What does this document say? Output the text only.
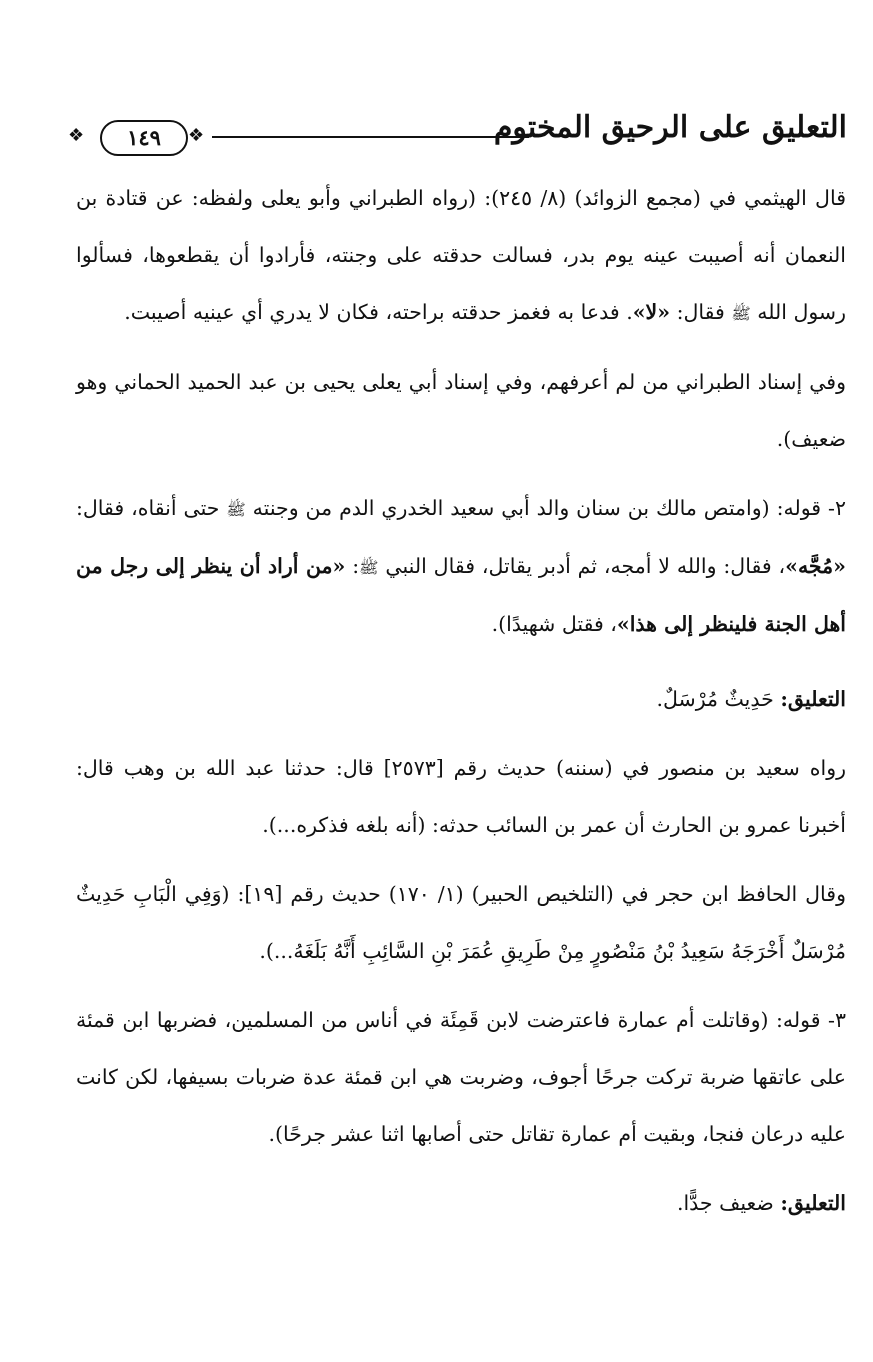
التعليق على الرحيق المختوم
❖
١٤٩
❖

قال الهيثمي في (مجمع الزوائد) (٨/ ٢٤٥): (رواه الطبراني وأبو يعلى ولفظه: عن قتادة بن النعمان أنه أصيبت عينه يوم بدر، فسالت حدقته على وجنته، فأرادوا أن يقطعوها، فسألوا رسول الله ﷺ فقال: «لا». فدعا به فغمز حدقته براحته، فكان لا يدري أي عينيه أصيبت.

وفي إسناد الطبراني من لم أعرفهم، وفي إسناد أبي يعلى يحيى بن عبد الحميد الحماني وهو ضعيف).

٢- قوله: (وامتص مالك بن سنان والد أبي سعيد الخدري الدم من وجنته ﷺ حتى أنقاه، فقال: «مُجَّه»، فقال: والله لا أمجه، ثم أدبر يقاتل، فقال النبي ﷺ: «من أراد أن ينظر إلى رجل من أهل الجنة فلينظر إلى هذا»، فقتل شهيدًا).

التعليق: حَدِيثٌ مُرْسَلٌ.

رواه سعيد بن منصور في (سننه) حديث رقم [٢٥٧٣] قال: حدثنا عبد الله بن وهب قال: أخبرنا عمرو بن الحارث أن عمر بن السائب حدثه: (أنه بلغه فذكره...).

وقال الحافظ ابن حجر في (التلخيص الحبير) (١/ ١٧٠) حديث رقم [١٩]: (وَفِي الْبَابِ حَدِيثٌ مُرْسَلٌ أَخْرَجَهُ سَعِيدُ بْنُ مَنْصُورٍ مِنْ طَرِيقِ عُمَرَ بْنِ السَّائِبِ أَنَّهُ بَلَغَهُ...).

٣- قوله: (وقاتلت أم عمارة فاعترضت لابن قَمِئَة في أناس من المسلمين، فضربها ابن قمئة على عاتقها ضربة تركت جرحًا أجوف، وضربت هي ابن قمئة عدة ضربات بسيفها، لكن كانت عليه درعان فنجا، وبقيت أم عمارة تقاتل حتى أصابها اثنا عشر جرحًا).

التعليق: ضعيف جدًّا.
